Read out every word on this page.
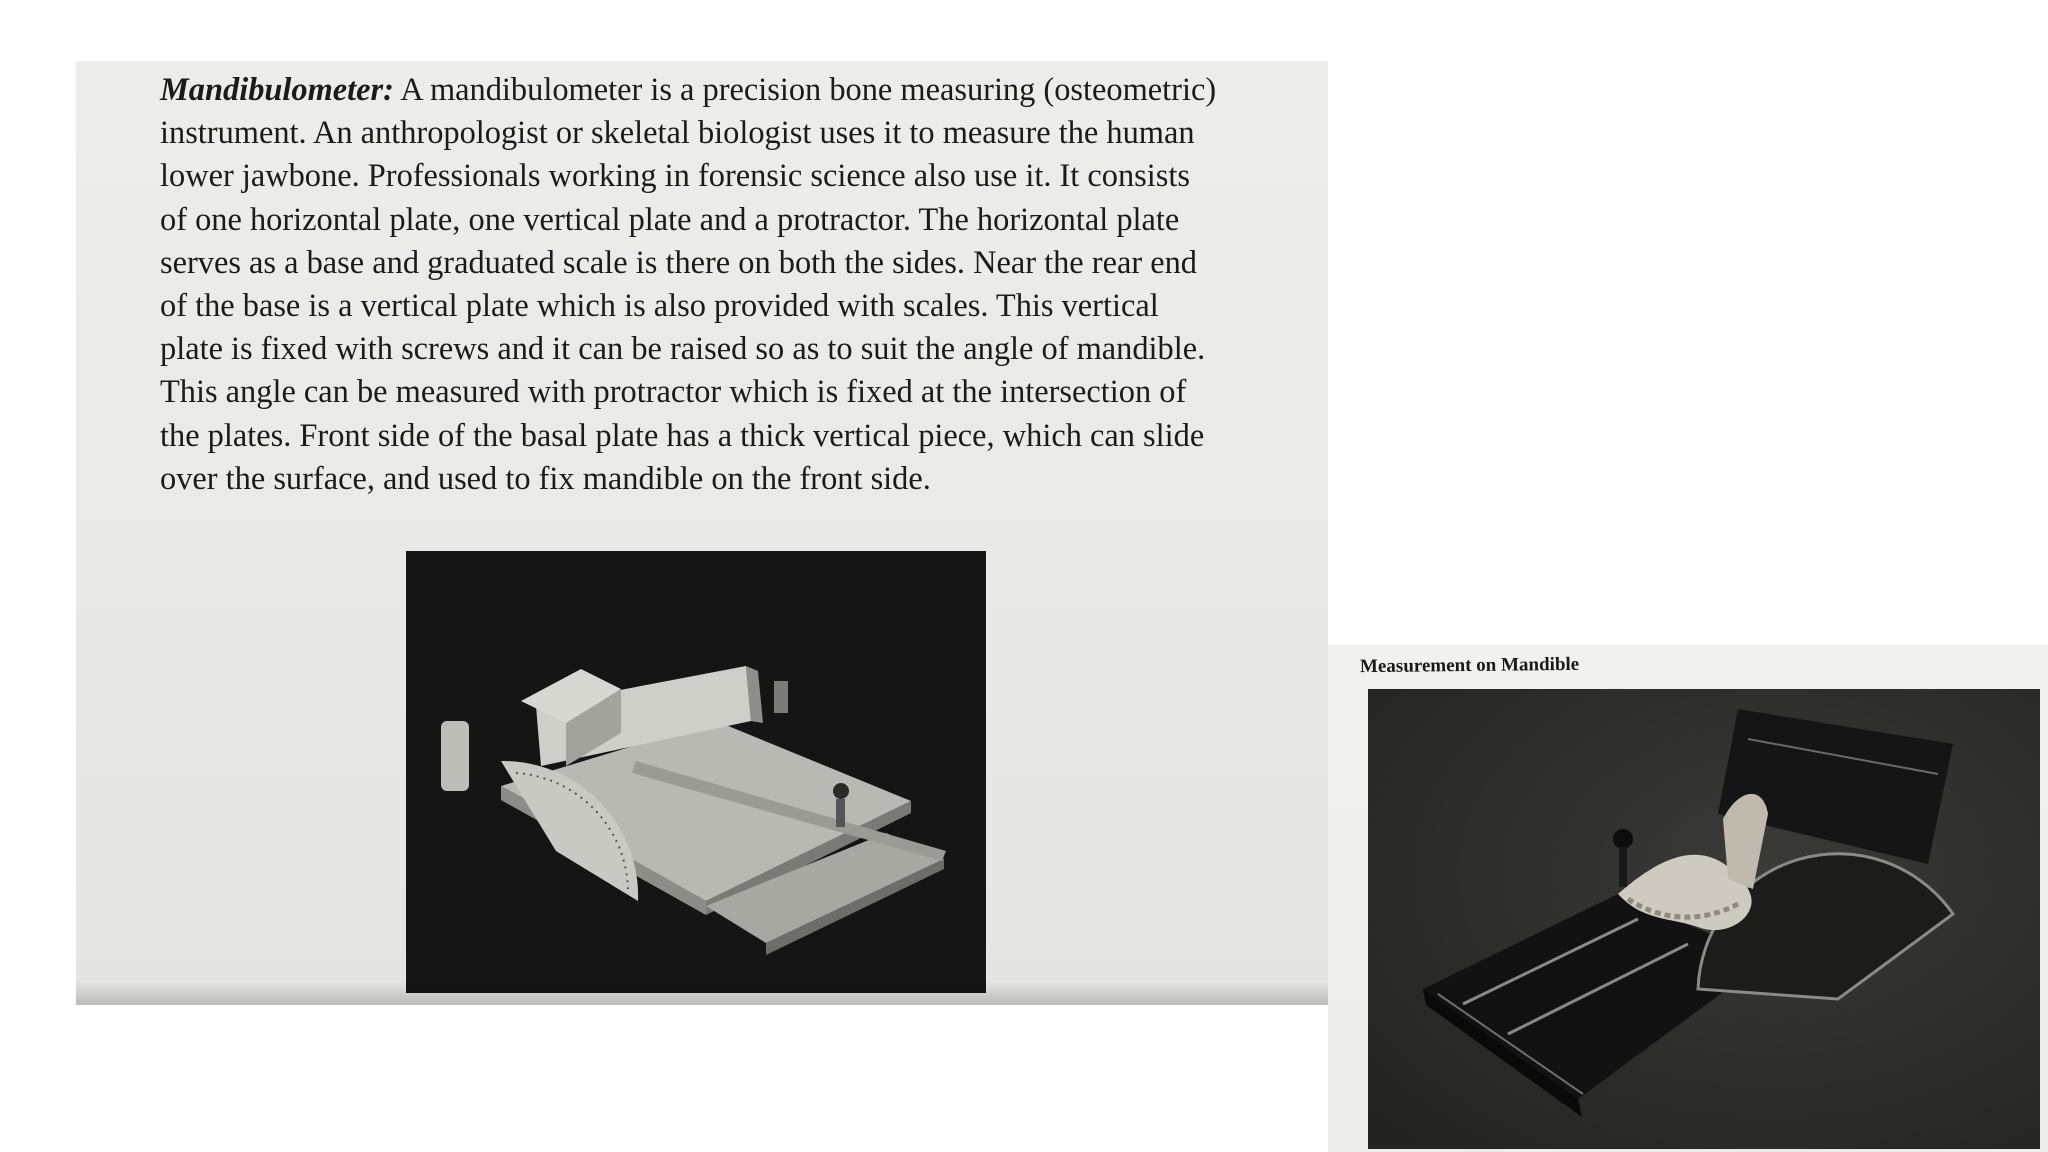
Mandibulometer: A mandibulometer is a precision bone measuring (osteometric)
instrument. An anthropologist or skeletal biologist uses it to measure the human
lower jawbone. Professionals working in forensic science also use it. It consists
of one horizontal plate, one vertical plate and a protractor. The horizontal plate
serves as a base and graduated scale is there on both the sides. Near the rear end
of the base is a vertical plate which is also provided with scales. This vertical
plate is fixed with screws and it can be raised so as to suit the angle of mandible.
This angle can be measured with protractor which is fixed at the intersection of
the plates. Front side of the basal plate has a thick vertical piece, which can slide
over the surface, and used to fix mandible on the front side.

Measurement on Mandible
